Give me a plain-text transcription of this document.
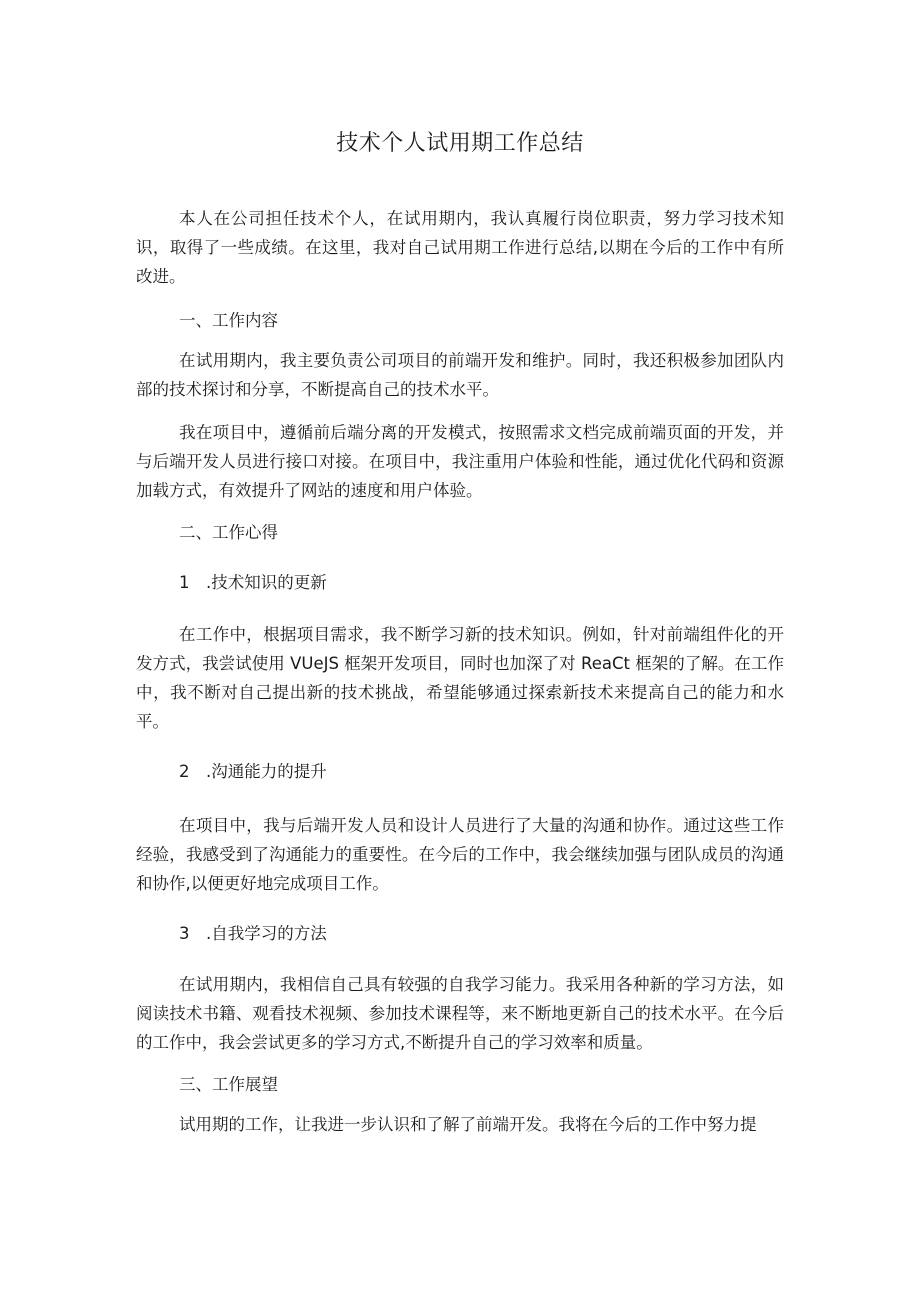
技术个人试用期工作总结

本人在公司担任技术个人，在试用期内，我认真履行岗位职责，努力学习技术知识，取得了一些成绩。在这里，我对自己试用期工作进行总结,以期在今后的工作中有所改进。

一、工作内容

在试用期内，我主要负责公司项目的前端开发和维护。同时，我还积极参加团队内部的技术探讨和分享，不断提高自己的技术水平。

我在项目中，遵循前后端分离的开发模式，按照需求文档完成前端页面的开发，并与后端开发人员进行接口对接。在项目中，我注重用户体验和性能，通过优化代码和资源加载方式，有效提升了网站的速度和用户体验。

二、工作心得

1　.技术知识的更新

在工作中，根据项目需求，我不断学习新的技术知识。例如，针对前端组件化的开发方式，我尝试使用 VUeJS 框架开发项目，同时也加深了对 ReaCt 框架的了解。在工作中，我不断对自己提出新的技术挑战，希望能够通过探索新技术来提高自己的能力和水平。

2　.沟通能力的提升

在项目中，我与后端开发人员和设计人员进行了大量的沟通和协作。通过这些工作经验，我感受到了沟通能力的重要性。在今后的工作中，我会继续加强与团队成员的沟通和协作,以便更好地完成项目工作。

3　.自我学习的方法

在试用期内，我相信自己具有较强的自我学习能力。我采用各种新的学习方法，如阅读技术书籍、观看技术视频、参加技术课程等，来不断地更新自己的技术水平。在今后的工作中，我会尝试更多的学习方式,不断提升自己的学习效率和质量。

三、工作展望

试用期的工作，让我进一步认识和了解了前端开发。我将在今后的工作中努力提
